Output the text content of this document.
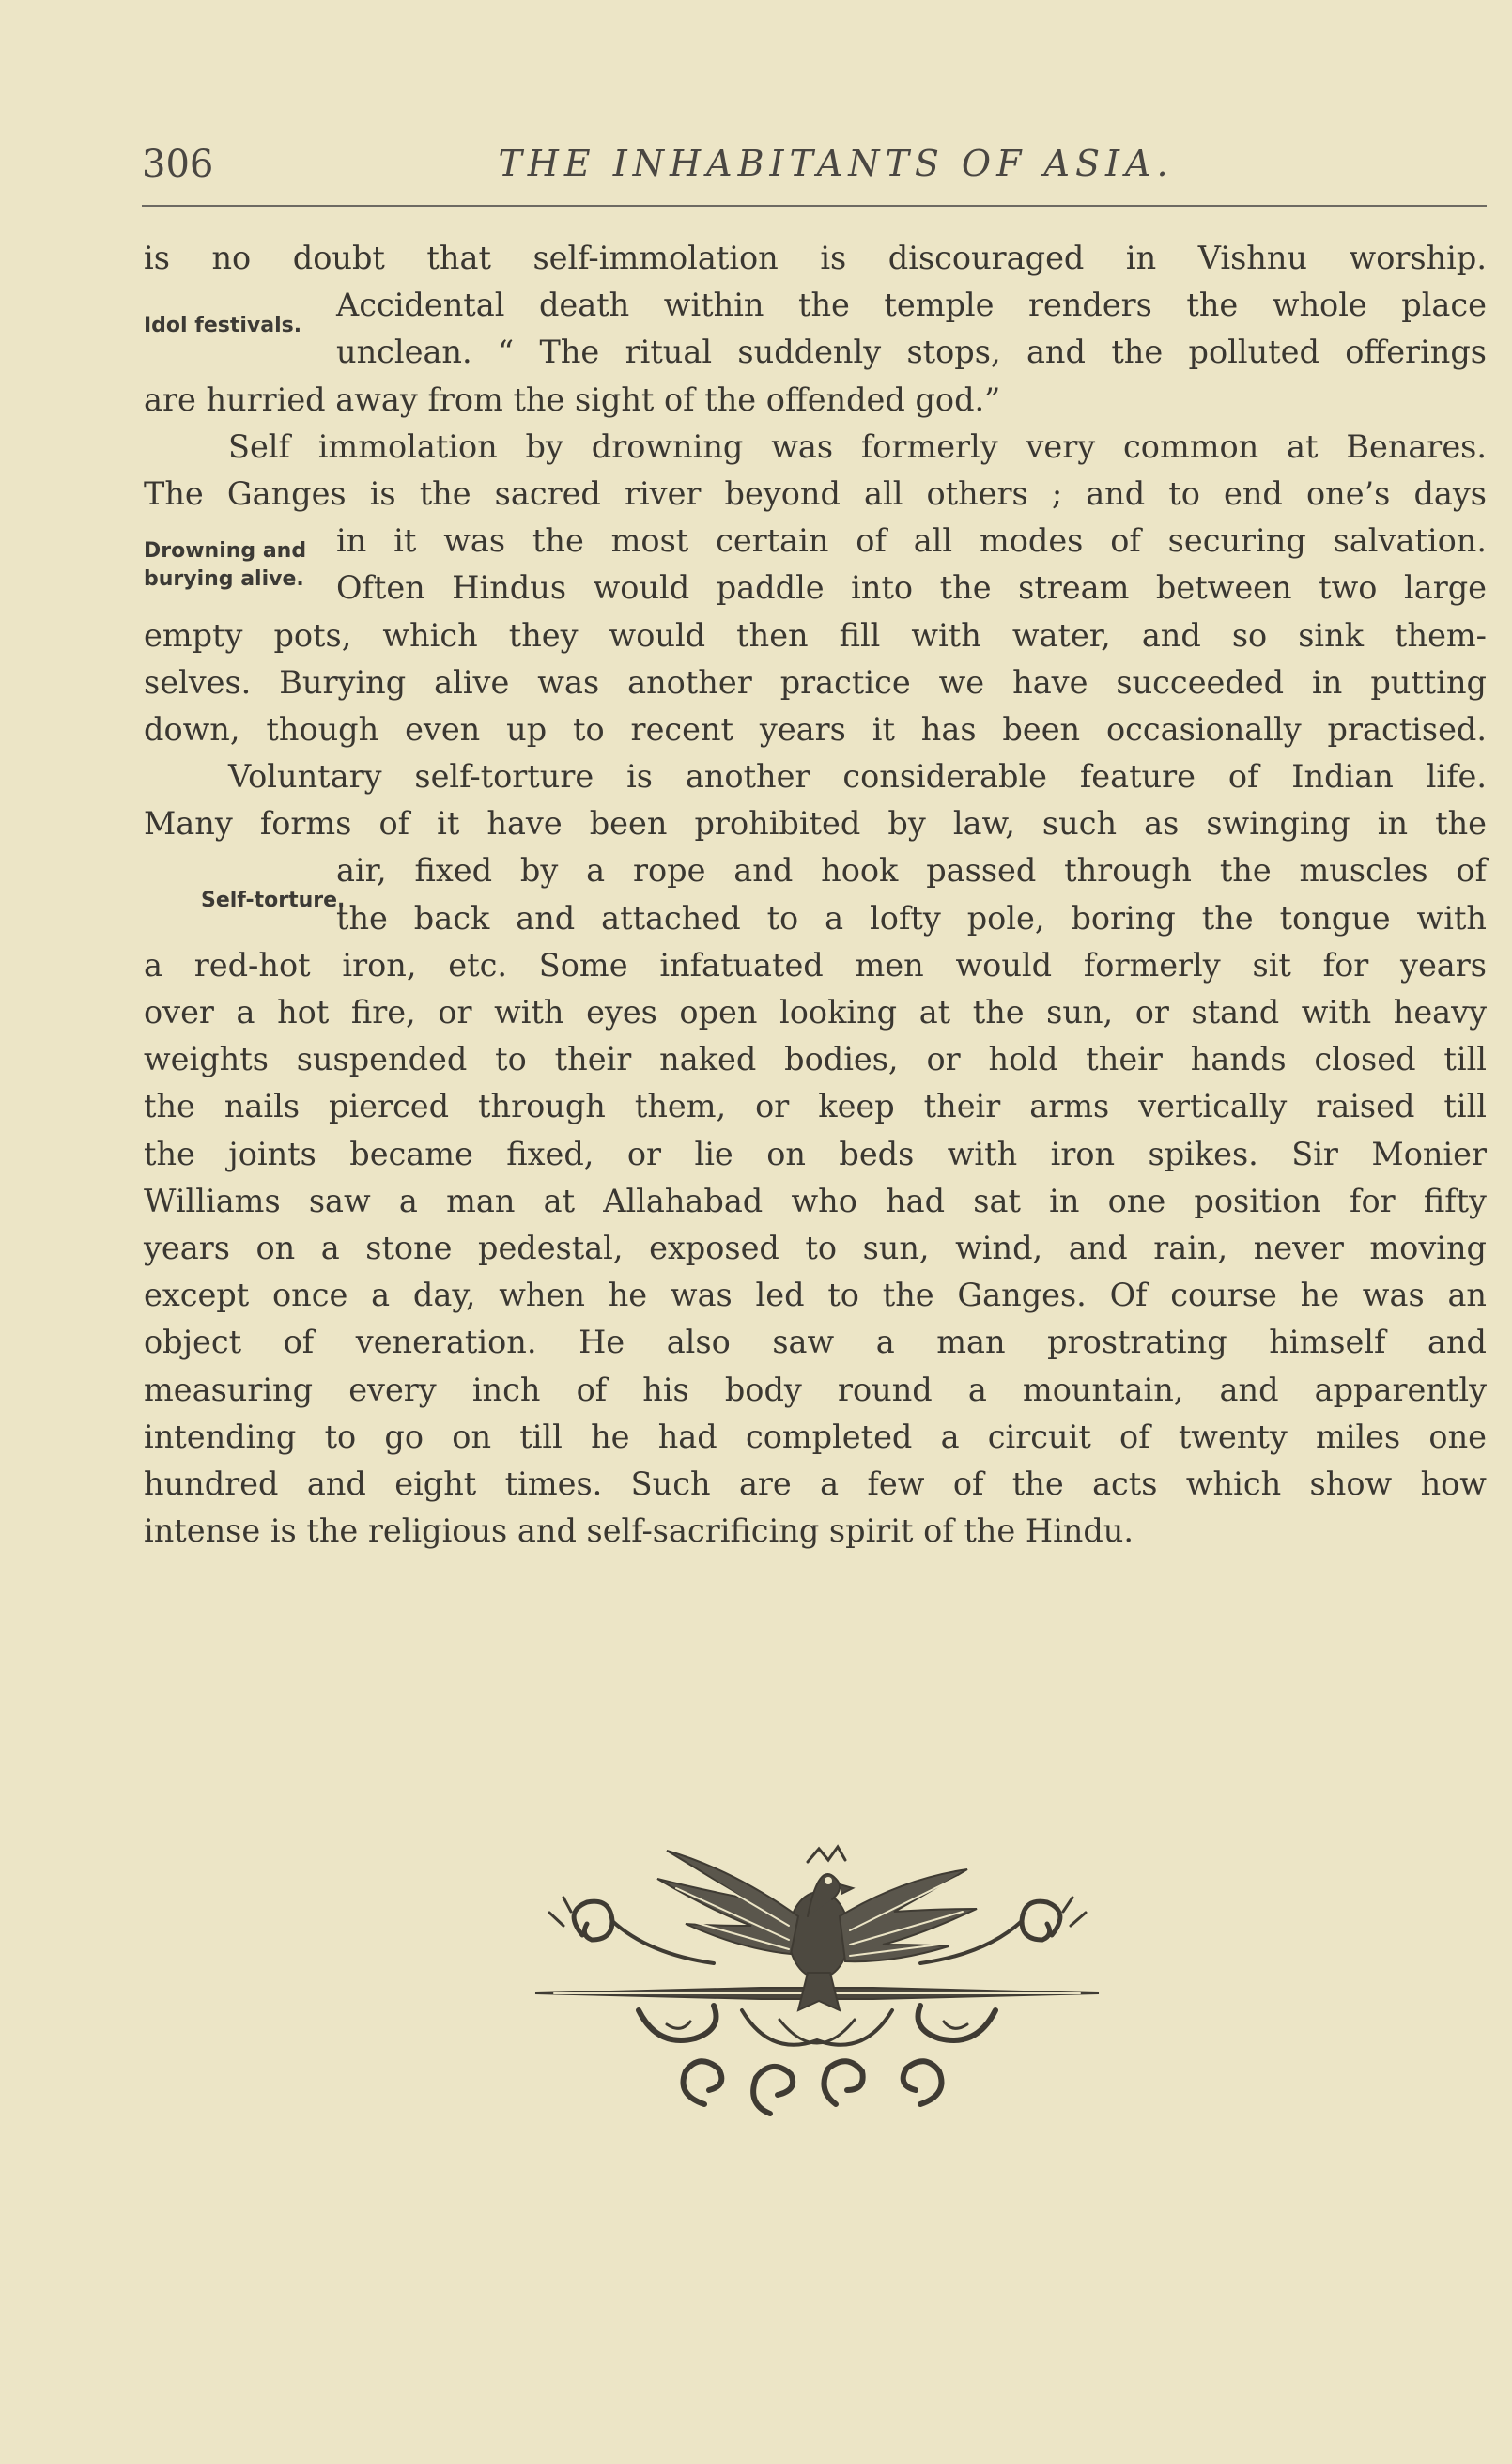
306	THE INHABITANTS OF ASIA.
is no doubt that self-immolation is discouraged in Vishnu worship.
Accidental death within the temple renders the whole place
unclean. “ The ritual suddenly stops, and the polluted offerings
are hurried away from the sight of the offended god.”
Self immolation by drowning was formerly very common at Benares.
The Ganges is the sacred river beyond all others ; and to end one’s days
in it was the most certain of all modes of securing salvation.
Often Hindus would paddle into the stream between two large
empty pots, which they would then fill with water, and so sink them-
selves. Burying alive was another practice we have succeeded in putting
down, though even up to recent years it has been occasionally practised.
Voluntary self-torture is another considerable feature of Indian life.
Many forms of it have been prohibited by law, such as swinging in the
air, fixed by a rope and hook passed through the muscles of
the back and attached to a lofty pole, boring the tongue with
a red-hot iron, etc. Some infatuated men would formerly sit for years
over a hot fire, or with eyes open looking at the sun, or stand with heavy
weights suspended to their naked bodies, or hold their hands closed till
the nails pierced through them, or keep their arms vertically raised till
the joints became fixed, or lie on beds with iron spikes. Sir Monier
Williams saw a man at Allahabad who had sat in one position for fifty
years on a stone pedestal, exposed to sun, wind, and rain, never moving
except once a day, when he was led to the Ganges. Of course he was an
object of veneration. He also saw a man prostrating himself and
measuring every inch of his body round a mountain, and apparently
intending to go on till he had completed a circuit of twenty miles one
hundred and eight times. Such are a few of the acts which show how
intense is the religious and self-sacrificing spirit of the Hindu.
Idol festivals.
Drowning and
burying alive.
Self-torture.
